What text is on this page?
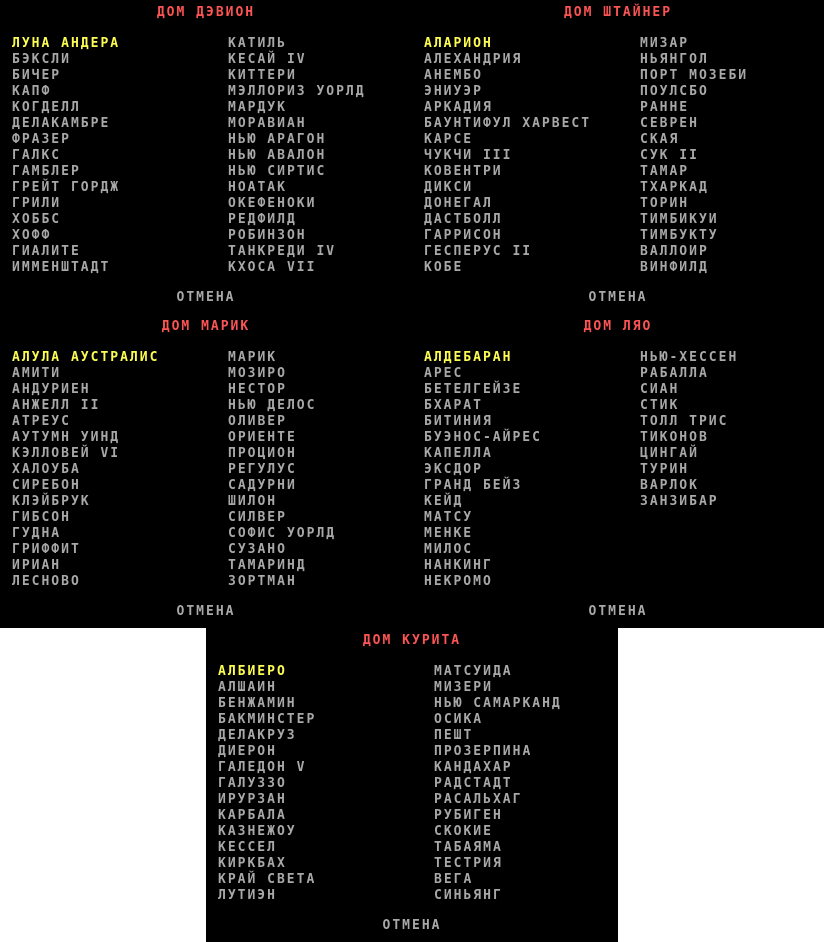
ДОМ ДЭВИОН
ЛУНА АНДЕРА
БЭКСЛИ
БИЧЕР
КАПФ
КОГДЕЛЛ
ДЕЛАКАМБРЕ
ФРАЗЕР
ГАЛКС
ГАМБЛЕР
ГРЕЙТ ГОРДЖ
ГРИЛИ
ХОББС
ХОФФ
ГИАЛИТЕ
ИММЕНШТАДТ
КАТИЛЬ
КЕСАЙ IV
КИТТЕРИ
МЭЛЛОРИЗ УОРЛД
МАРДУК
МОРАВИАН
НЬЮ АРАГОН
НЬЮ АВАЛОН
НЬЮ СИРТИС
НОАТАК
ОКЕФЕНОКИ
РЕДФИЛД
РОБИНЗОН
ТАНКРЕДИ IV
КХОСА VII
ОТМЕНА
ДОМ ШТАЙНЕР
АЛАРИОН
АЛЕХАНДРИЯ
АНЕМБО
ЭНИУЭР
АРКАДИЯ
БАУНТИФУЛ ХАРВЕСТ
КАРСЕ
ЧУКЧИ III
КОВЕНТРИ
ДИКСИ
ДОНЕГАЛ
ДАСТБОЛЛ
ГАРРИСОН
ГЕСПЕРУС II
КОБЕ
МИЗАР
НЬЯНГОЛ
ПОРТ МОЗЕБИ
ПОУЛСБО
РАННЕ
СЕВРЕН
СКАЯ
СУК II
ТАМАР
ТХАРКАД
ТОРИН
ТИМБИКУИ
ТИМБУКТУ
ВАЛЛОИР
ВИНФИЛД
ОТМЕНА
ДОМ МАРИК
АЛУЛА АУСТРАЛИС
АМИТИ
АНДУРИЕН
АНЖЕЛЛ II
АТРЕУС
АУТУМН УИНД
КЭЛЛОВЕЙ VI
ХАЛОУБА
СИРЕБОН
КЛЭЙБРУК
ГИБСОН
ГУДНА
ГРИФФИТ
ИРИАН
ЛЕСНОВО
МАРИК
МОЗИРО
НЕСТОР
НЬЮ ДЕЛОС
ОЛИВЕР
ОРИЕНТЕ
ПРОЦИОН
РЕГУЛУС
САДУРНИ
ШИЛОН
СИЛВЕР
СОФИС УОРЛД
СУЗАНО
ТАМАРИНД
ЗОРТМАН
ОТМЕНА
ДОМ ЛЯО
АЛДЕБАРАН
АРЕС
БЕТЕЛГЕЙЗЕ
БХАРАТ
БИТИНИЯ
БУЭНОС-АЙРЕС
КАПЕЛЛА
ЭКСДОР
ГРАНД БЕЙЗ
КЕЙД
МАТСУ
МЕНКЕ
МИЛОС
НАНКИНГ
НЕКРОМО
НЬЮ-ХЕССЕН
РАБАЛЛА
СИАН
СТИК
ТОЛЛ ТРИС
ТИКОНОВ
ЦИНГАЙ
ТУРИН
ВАРЛОК
ЗАНЗИБАР
ОТМЕНА
ДОМ КУРИТА
АЛБИЕРО
АЛШАИН
БЕНЖАМИН
БАКМИНСТЕР
ДЕЛАКРУЗ
ДИЕРОН
ГАЛЕДОН V
ГАЛУЗЗО
ИРУРЗАН
КАРБАЛА
КАЗНЕЖОУ
КЕССЕЛ
КИРКБАХ
КРАЙ СВЕТА
ЛУТИЭН
МАТСУИДА
МИЗЕРИ
НЬЮ САМАРКАНД
ОСИКА
ПЕШТ
ПРОЗЕРПИНА
КАНДАХАР
РАДСТАДТ
РАСАЛЬХАГ
РУБИГЕН
СКОКИЕ
ТАБАЯМА
ТЕСТРИЯ
ВЕГА
СИНЬЯНГ
ОТМЕНА
